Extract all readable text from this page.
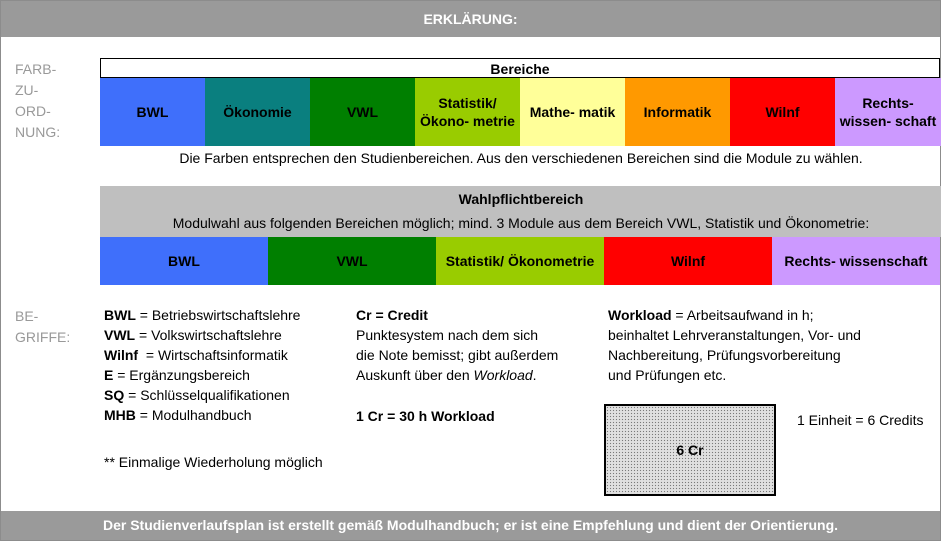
ERKLÄRUNG:
FARB-
ZU-
ORD-
NUNG:
Bereiche
BWL	Ökonomie	VWL
Statistik/ Ökono- metrie
Mathe- matik	Informatik	Wilnf
Rechts- wissen- schaft
Die Farben entsprechen den Studienbereichen. Aus den verschiedenen Bereichen sind die Module zu wählen.
Wahlpflichtbereich
Modulwahl aus folgenden Bereichen möglich; mind. 3 Module aus dem Bereich VWL, Statistik und Ökonometrie:
BWL	VWL	Statistik/ Ökonometrie	Wilnf	Rechts- wissenschaft
BE-
GRIFFE:
BWL = Betriebswirtschaftslehre
VWL = Volkswirtschaftslehre
Wilnf  = Wirtschaftsinformatik
E = Ergänzungsbereich
SQ = Schlüsselqualifikationen
MHB = Modulhandbuch
** Einmalige Wiederholung möglich
Cr = Credit
Punktesystem nach dem sich
die Note bemisst; gibt außerdem
Auskunft über den Workload.
1 Cr = 30 h Workload
Workload = Arbeitsaufwand in h;
beinhaltet Lehrveranstaltungen, Vor- und
Nachbereitung, Prüfungsvorbereitung
und Prüfungen etc.
6 Cr
1 Einheit = 6 Credits
Der Studienverlaufsplan ist erstellt gemäß Modulhandbuch; er ist eine Empfehlung und dient der Orientierung.
